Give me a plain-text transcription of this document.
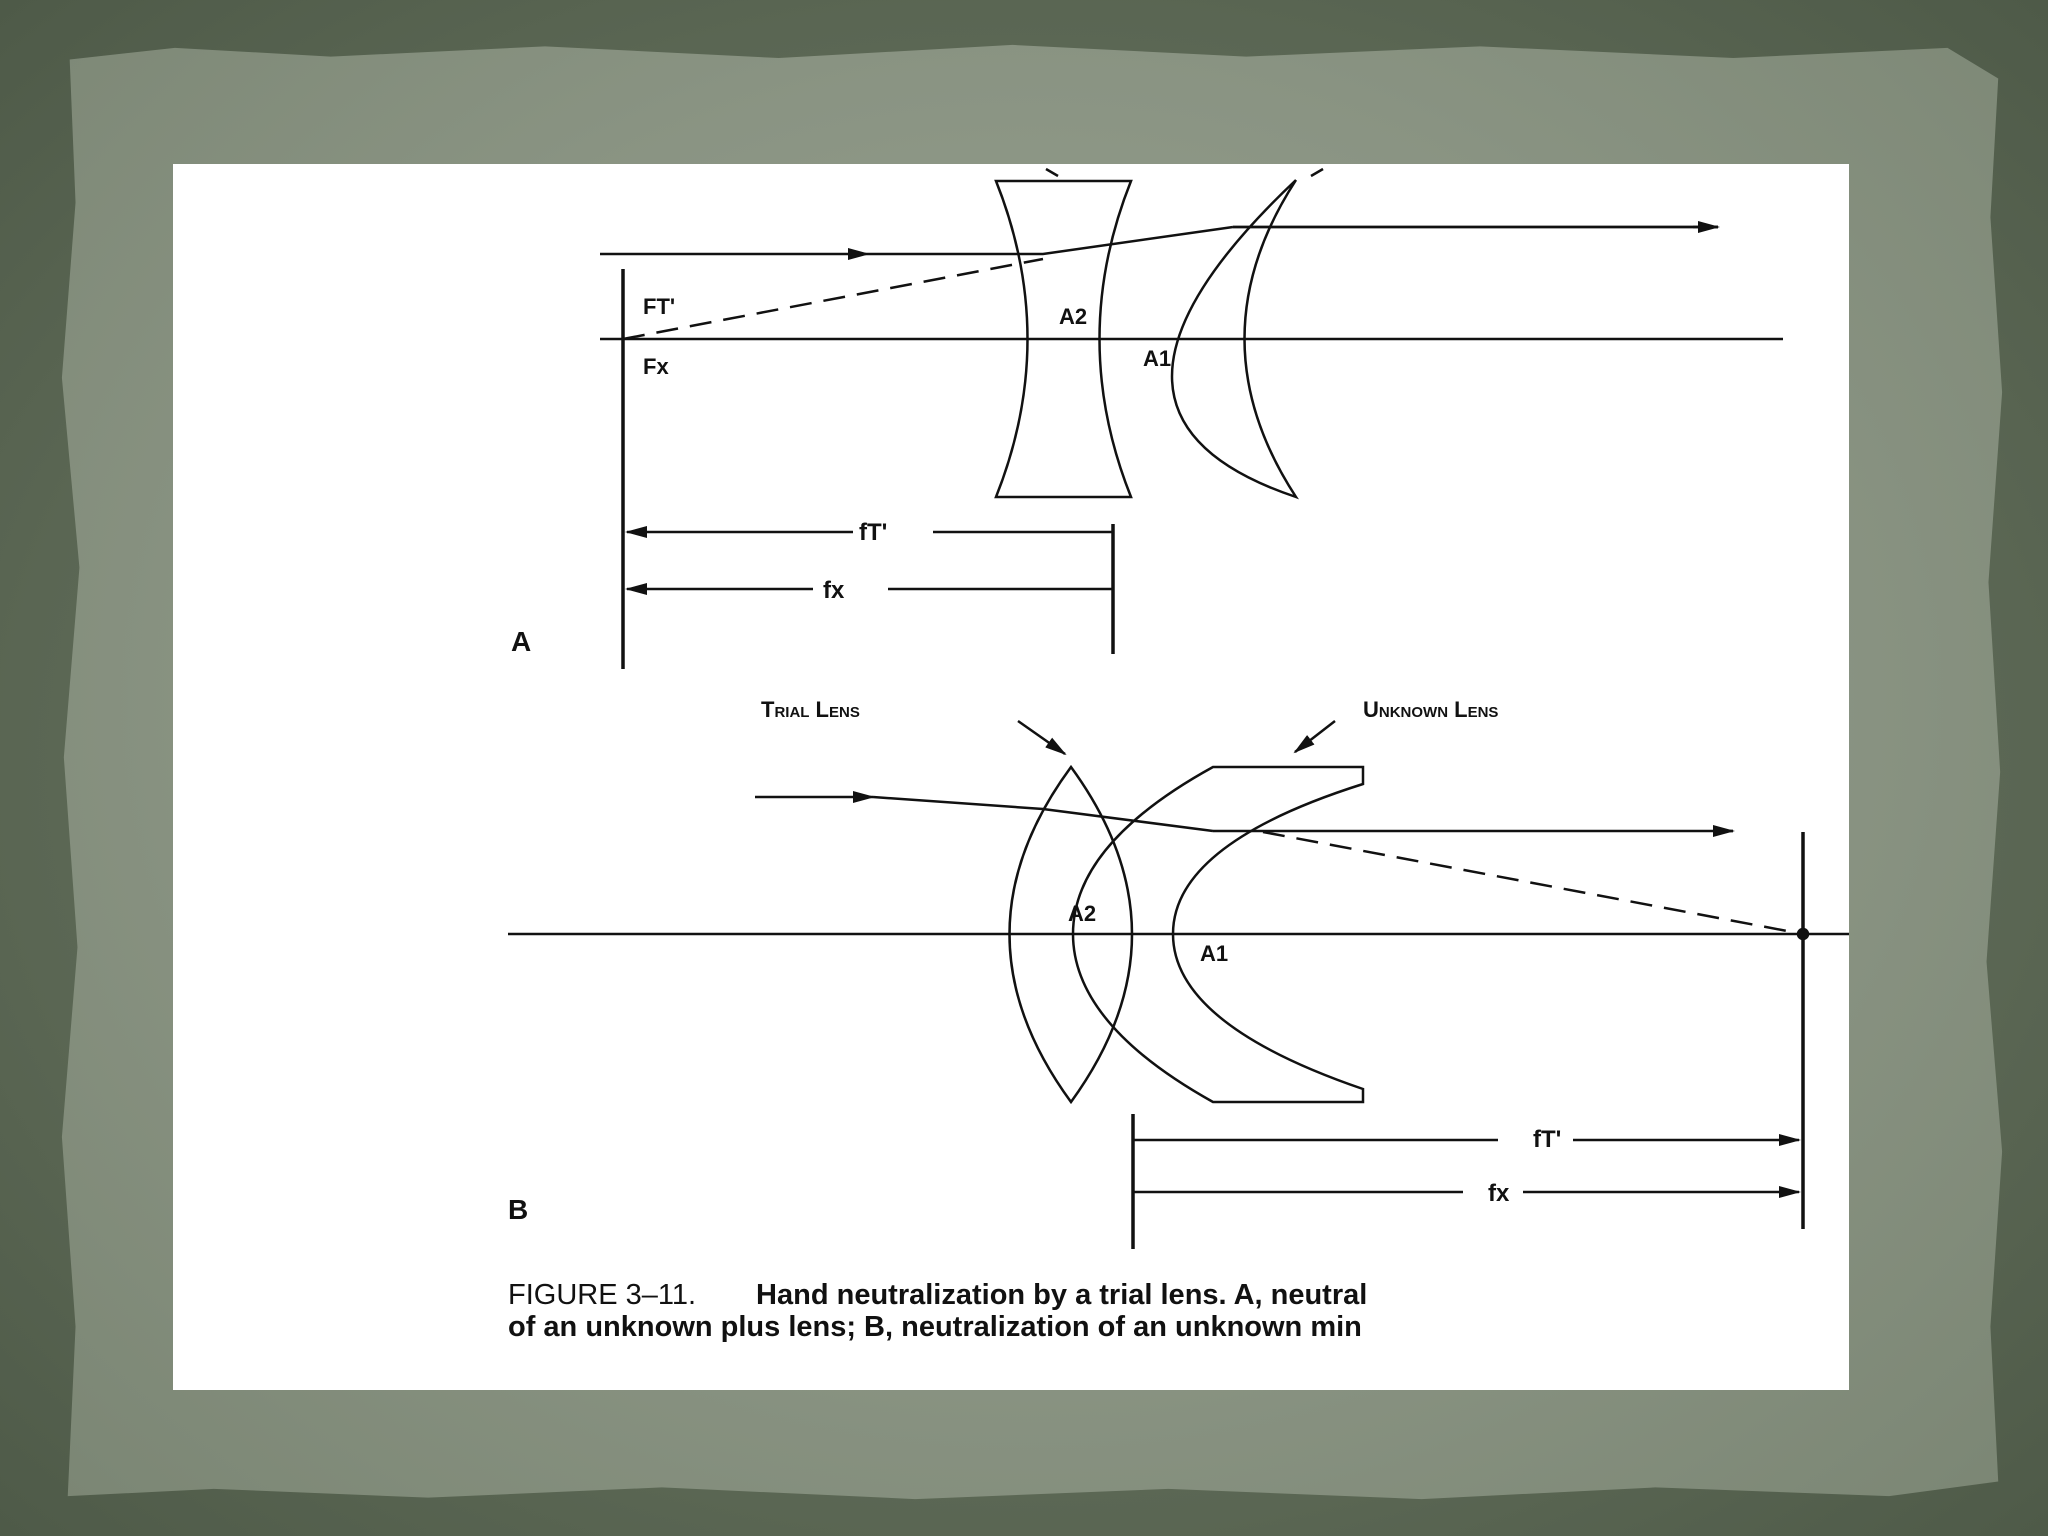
A
FT'
Fx
A2
A1
fT'
fx
Trial Lens	Unknown Lens
A2
A1
fT'
fx
B
FIGURE 3–11. Hand neutralization by a trial lens. A, neutral
of an unknown plus lens; B, neutralization of an unknown min
